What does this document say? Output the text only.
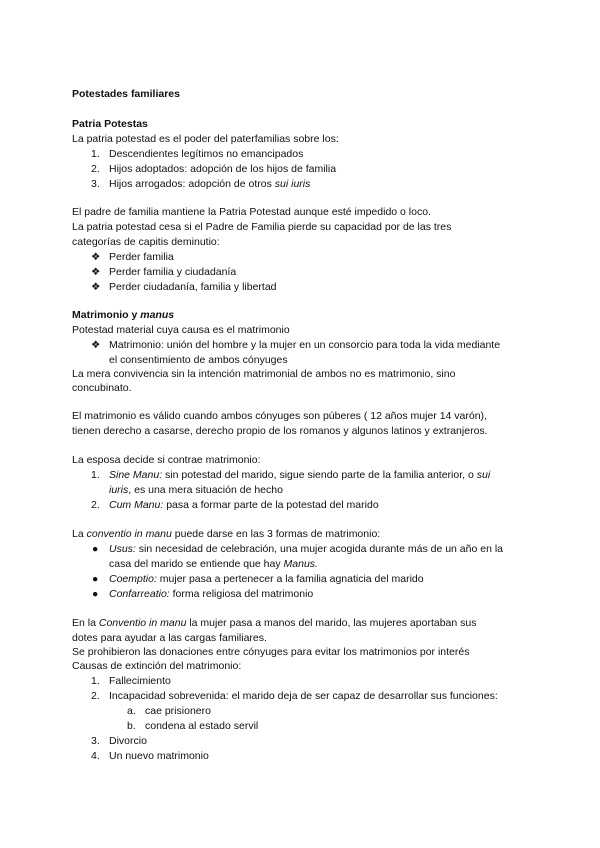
Potestades familiares
Patria Potestas
La patria potestad es el poder del paterfamilias sobre los:
1. Descendientes legítimos no emancipados
2. Hijos adoptados: adopción de los hijos de familia
3. Hijos arrogados: adopción de otros sui iuris
El padre de familia mantiene la Patria Potestad aunque esté impedido o loco.
La patria potestad cesa si el Padre de Familia pierde su capacidad por de las tres
categorías de capitis deminutio:
❖ Perder familia
❖ Perder familia y ciudadanía
❖ Perder ciudadanía, familia y libertad
Matrimonio y manus
Potestad material cuya causa es el matrimonio
❖ Matrimonio: unión del hombre y la mujer en un consorcio para toda la vida mediante
el consentimiento de ambos cónyuges
La mera convivencia sin la intención matrimonial de ambos no es matrimonio, sino
concubinato.
El matrimonio es válido cuando ambos cónyuges son púberes ( 12 años mujer 14 varón),
tienen derecho a casarse, derecho propio de los romanos y algunos latinos y extranjeros.
La esposa decide si contrae matrimonio:
1. Sine Manu: sin potestad del marido, sigue siendo parte de la familia anterior, o sui
iuris, es una mera situación de hecho
2. Cum Manu: pasa a formar parte de la potestad del marido
La conventio in manu puede darse en las 3 formas de matrimonio:
● Usus: sin necesidad de celebración, una mujer acogida durante más de un año en la
casa del marido se entiende que hay Manus.
● Coemptio: mujer pasa a pertenecer a la familia agnaticia del marido
● Confarreatio: forma religiosa del matrimonio
En la Conventio in manu la mujer pasa a manos del marido, las mujeres aportaban sus
dotes para ayudar a las cargas familiares.
Se prohibieron las donaciones entre cónyuges para evitar los matrimonios por interés
Causas de extinción del matrimonio:
1. Fallecimiento
2. Incapacidad sobrevenida: el marido deja de ser capaz de desarrollar sus funciones:
a. cae prisionero
b. condena al estado servil
3. Divorcio
4. Un nuevo matrimonio
